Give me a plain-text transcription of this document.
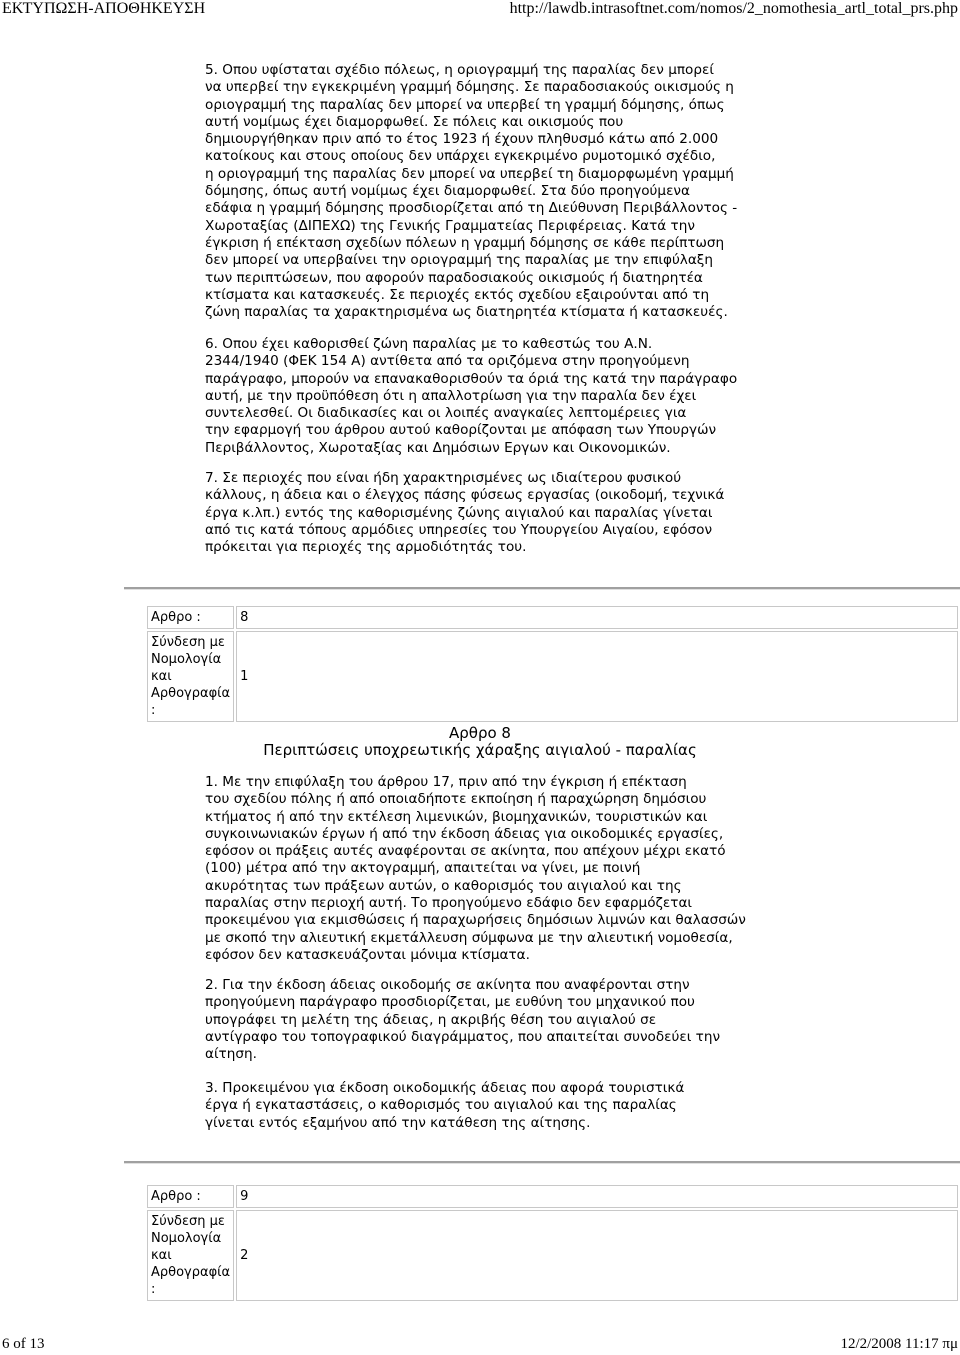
ΕΚΤΥΠΩΣΗ-ΑΠΟΘΗΚΕΥΣΗ	http://lawdb.intrasoftnet.com/nomos/2_nomothesia_artl_total_prs.php

5. Οπου υφίσταται σχέδιο πόλεως, η οριογραμμή της παραλίας δεν μπορεί
να υπερβεί την εγκεκριμένη γραμμή δόμησης. Σε παραδοσιακούς οικισμούς η
οριογραμμή της παραλίας δεν μπορεί να υπερβεί τη γραμμή δόμησης, όπως
αυτή νομίμως έχει διαμορφωθεί. Σε πόλεις και οικισμούς που
δημιουργήθηκαν πριν από το έτος 1923 ή έχουν πληθυσμό κάτω από 2.000
κατοίκους και στους οποίους δεν υπάρχει εγκεκριμένο ρυμοτομικό σχέδιο,
η οριογραμμή της παραλίας δεν μπορεί να υπερβεί τη διαμορφωμένη γραμμή
δόμησης, όπως αυτή νομίμως έχει διαμορφωθεί. Στα δύο προηγούμενα
εδάφια η γραμμή δόμησης προσδιορίζεται από τη Διεύθυνση Περιβάλλοντος -
Χωροταξίας (ΔΙΠΕΧΩ) της Γενικής Γραμματείας Περιφέρειας. Κατά την
έγκριση ή επέκταση σχεδίων πόλεων η γραμμή δόμησης σε κάθε περίπτωση
δεν μπορεί να υπερβαίνει την οριογραμμή της παραλίας με την επιφύλαξη
των περιπτώσεων, που αφορούν παραδοσιακούς οικισμούς ή διατηρητέα
κτίσματα και κατασκευές. Σε περιοχές εκτός σχεδίου εξαιρούνται από τη
ζώνη παραλίας τα χαρακτηρισμένα ως διατηρητέα κτίσματα ή κατασκευές.

6. Οπου έχει καθορισθεί ζώνη παραλίας με το καθεστώς του Α.Ν.
2344/1940 (ΦΕΚ 154 Α) αντίθετα από τα οριζόμενα στην προηγούμενη
παράγραφο, μπορούν να επανακαθορισθούν τα όριά της κατά την παράγραφο
αυτή, με την προϋπόθεση ότι η απαλλοτρίωση για την παραλία δεν έχει
συντελεσθεί. Οι διαδικασίες και οι λοιπές αναγκαίες λεπτομέρειες για
την εφαρμογή του άρθρου αυτού καθορίζονται με απόφαση των Υπουργών
Περιβάλλοντος, Χωροταξίας και Δημόσιων Εργων και Οικονομικών.

7. Σε περιοχές που είναι ήδη χαρακτηρισμένες ως ιδιαίτερου φυσικού
κάλλους, η άδεια και ο έλεγχος πάσης φύσεως εργασίας (οικοδομή, τεχνικά
έργα κ.λπ.) εντός της καθορισμένης ζώνης αιγιαλού και παραλίας γίνεται
από τις κατά τόπους αρμόδιες υπηρεσίες του Υπουργείου Αιγαίου, εφόσον
πρόκειται για περιοχές της αρμοδιότητάς του.

Αρθρο :	8
Σύνδεση με
Νομολογία
και
Αρθογραφία
:	1
Αρθρο 8
Περιπτώσεις υποχρεωτικής χάραξης αιγιαλού - παραλίας

1. Με την επιφύλαξη του άρθρου 17, πριν από την έγκριση ή επέκταση
του σχεδίου πόλης ή από οποιαδήποτε εκποίηση ή παραχώρηση δημόσιου
κτήματος ή από την εκτέλεση λιμενικών, βιομηχανικών, τουριστικών και
συγκοινωνιακών έργων ή από την έκδοση άδειας για οικοδομικές εργασίες,
εφόσον οι πράξεις αυτές αναφέρονται σε ακίνητα, που απέχουν μέχρι εκατό
(100) μέτρα από την ακτογραμμή, απαιτείται να γίνει, με ποινή
ακυρότητας των πράξεων αυτών, ο καθορισμός του αιγιαλού και της
παραλίας στην περιοχή αυτή. Το προηγούμενο εδάφιο δεν εφαρμόζεται
προκειμένου για εκμισθώσεις ή παραχωρήσεις δημόσιων λιμνών και θαλασσών
με σκοπό την αλιευτική εκμετάλλευση σύμφωνα με την αλιευτική νομοθεσία,
εφόσον δεν κατασκευάζονται μόνιμα κτίσματα.

2. Για την έκδοση άδειας οικοδομής σε ακίνητα που αναφέρονται στην
προηγούμενη παράγραφο προσδιορίζεται, με ευθύνη του μηχανικού που
υπογράφει τη μελέτη της άδειας, η ακριβής θέση του αιγιαλού σε
αντίγραφο του τοπογραφικού διαγράμματος, που απαιτείται συνοδεύει την
αίτηση.

3. Προκειμένου για έκδοση οικοδομικής άδειας που αφορά τουριστικά
έργα ή εγκαταστάσεις, ο καθορισμός του αιγιαλού και της παραλίας
γίνεται εντός εξαμήνου από την κατάθεση της αίτησης.

Αρθρο :	9
Σύνδεση με
Νομολογία
και
Αρθογραφία
:	2
6 of 13	12/2/2008 11:17 πμ
